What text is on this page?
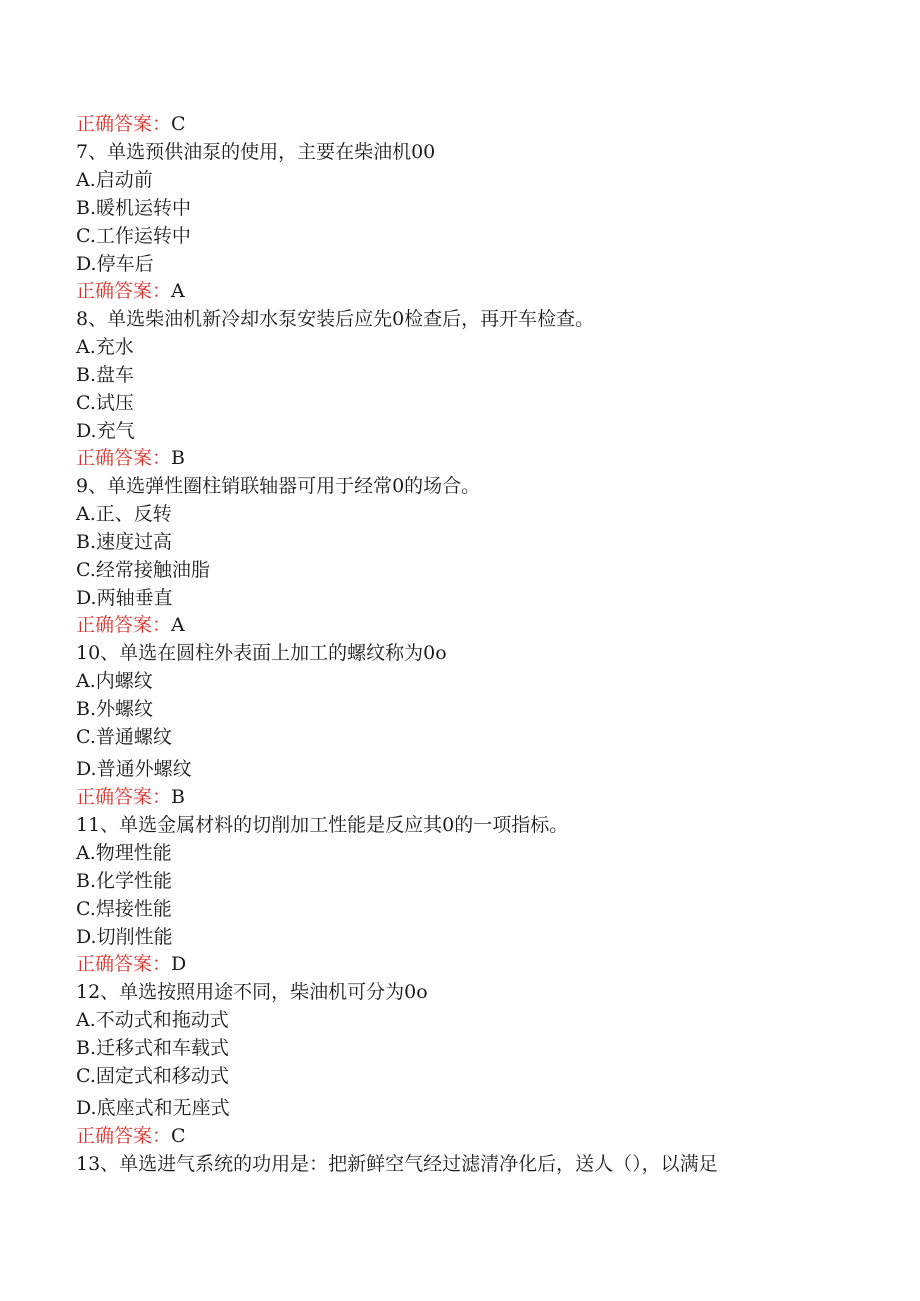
正确答案：C
7、单选预供油泵的使用，主要在柴油机00
A.启动前
B.暖机运转中
C.工作运转中
D.停车后
正确答案：A
8、单选柴油机新冷却水泵安装后应先0检查后，再开车检查。
A.充水
B.盘车
C.试压
D.充气
正确答案：B
9、单选弹性圈柱销联轴器可用于经常0的场合。
A.正、反转
B.速度过高
C.经常接触油脂
D.两轴垂直
正确答案：A
10、单选在圆柱外表面上加工的螺纹称为0o
A.内螺纹
B.外螺纹
C.普通螺纹
D.普通外螺纹
正确答案：B
11、单选金属材料的切削加工性能是反应其0的一项指标。
A.物理性能
B.化学性能
C.焊接性能
D.切削性能
正确答案：D
12、单选按照用途不同，柴油机可分为0o
A.不动式和拖动式
B.迁移式和车载式
C.固定式和移动式
D.底座式和无座式
正确答案：C
13、单选进气系统的功用是：把新鲜空气经过滤清净化后，送人（），以满足
